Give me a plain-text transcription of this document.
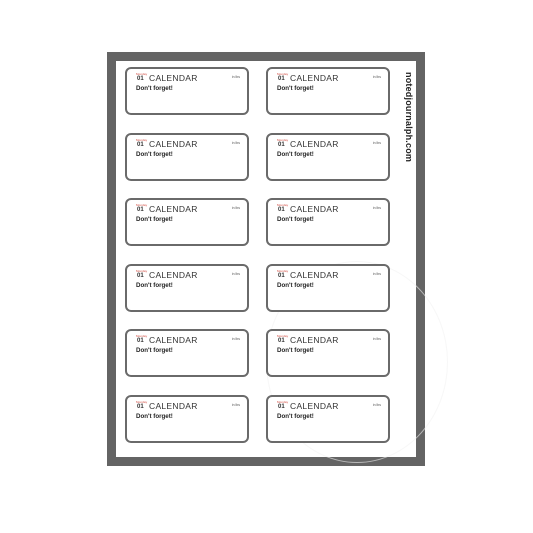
Monday
01 CALENDAR	in lbs
Don't forget!
Monday
01 CALENDAR	in lbs
Don't forget!
Monday
01 CALENDAR	in lbs
Don't forget!
Monday
01 CALENDAR	in lbs
Don't forget!
Monday
01 CALENDAR	in lbs
Don't forget!
Monday
01 CALENDAR	in lbs
Don't forget!
Monday
01 CALENDAR	in lbs
Don't forget!
Monday
01 CALENDAR	in lbs
Don't forget!
Monday
01 CALENDAR	in lbs
Don't forget!
Monday
01 CALENDAR	in lbs
Don't forget!
Monday
01 CALENDAR	in lbs
Don't forget!
Monday
01 CALENDAR	in lbs
Don't forget!
notedjournalph.com
